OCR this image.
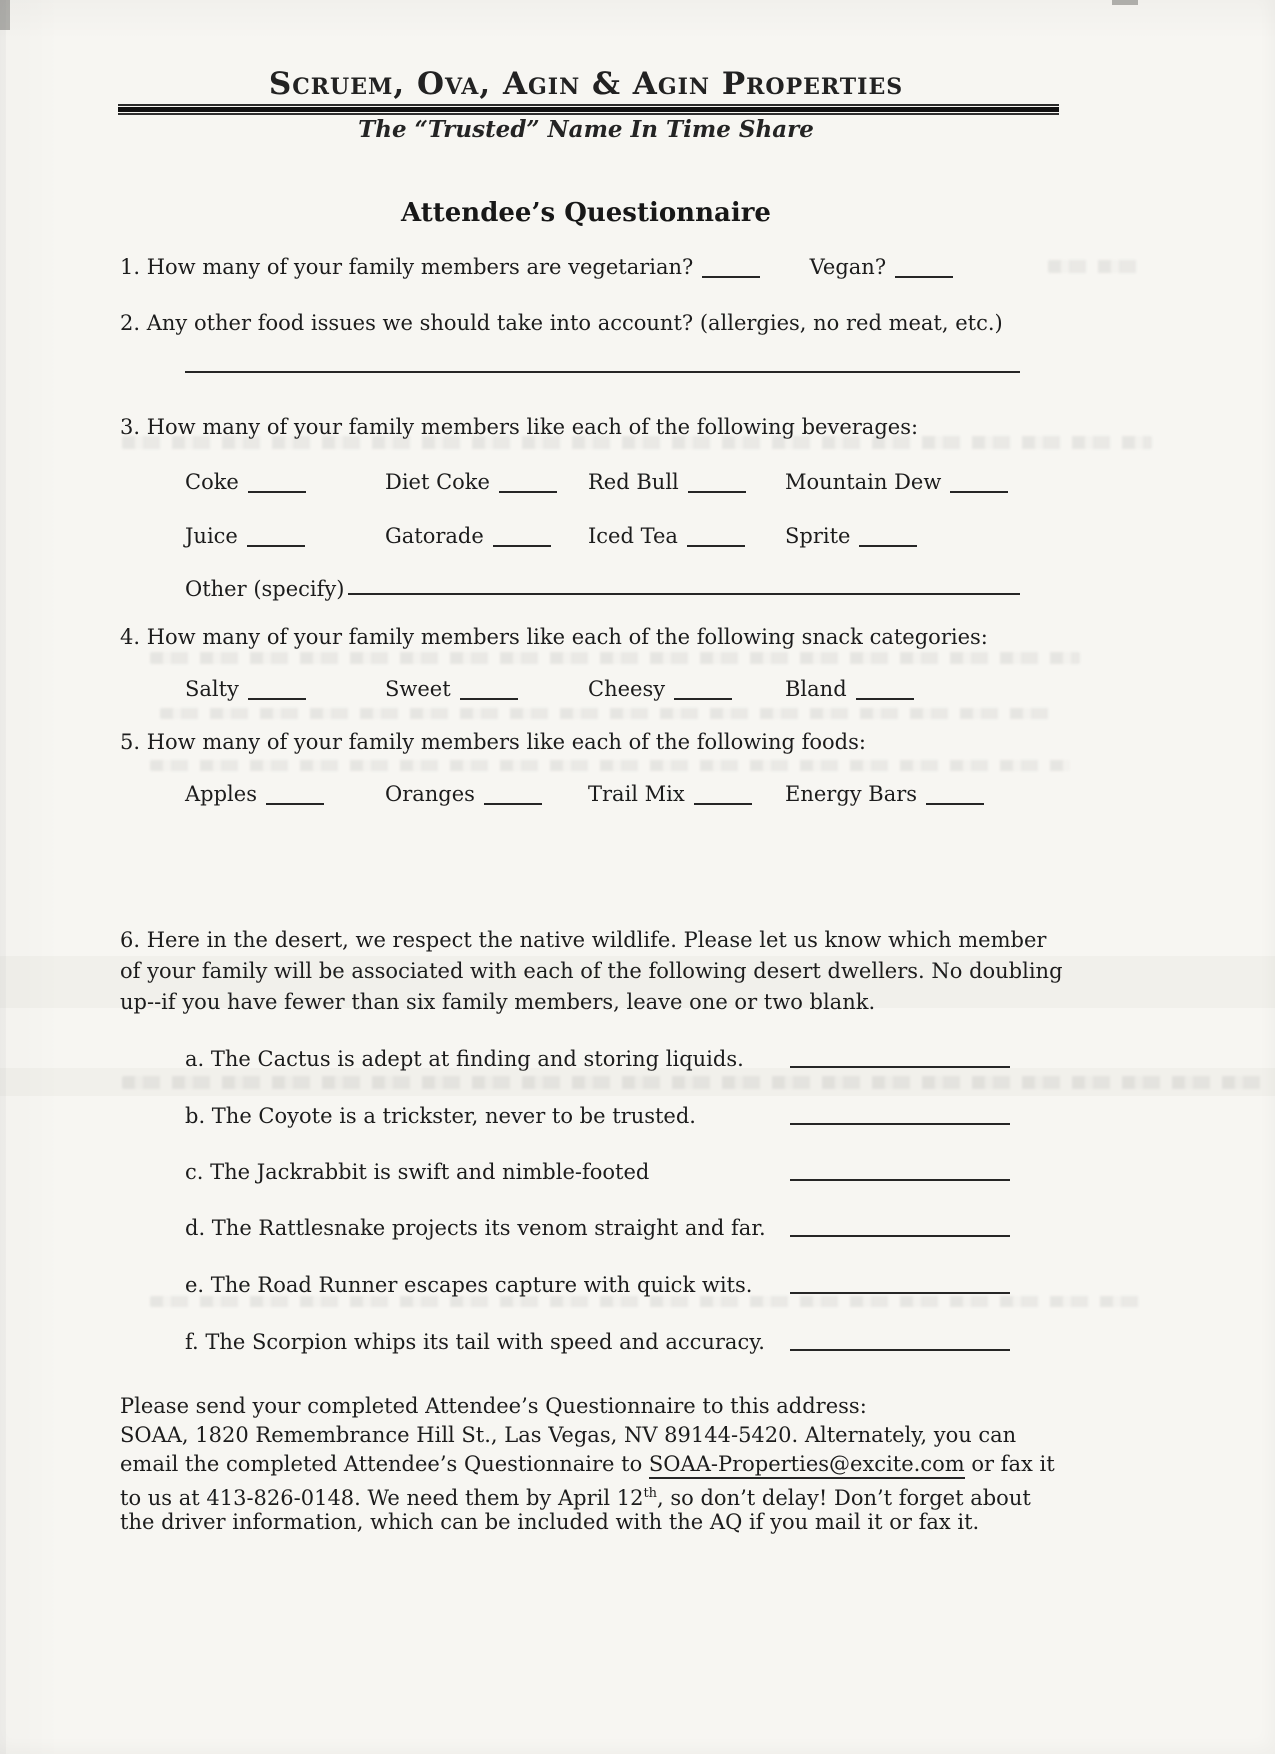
Scruem, Ova, Agin & Agin Properties
The “Trusted” Name In Time Share
Attendee’s Questionnaire
1. How many of your family members are vegetarian?	Vegan?
2. Any other food issues we should take into account? (allergies, no red meat, etc.)
3. How many of your family members like each of the following beverages:
Coke	Diet Coke	Red Bull	Mountain Dew
Juice	Gatorade	Iced Tea	Sprite
Other (specify)
4. How many of your family members like each of the following snack categories:
Salty	Sweet	Cheesy	Bland
5. How many of your family members like each of the following foods:
Apples	Oranges	Trail Mix	Energy Bars
6. Here in the desert, we respect the native wildlife. Please let us know which member
of your family will be associated with each of the following desert dwellers. No doubling
up--if you have fewer than six family members, leave one or two blank.
a. The Cactus is adept at finding and storing liquids.
b. The Coyote is a trickster, never to be trusted.
c. The Jackrabbit is swift and nimble-footed
d. The Rattlesnake projects its venom straight and far.
e. The Road Runner escapes capture with quick wits.
f. The Scorpion whips its tail with speed and accuracy.
Please send your completed Attendee’s Questionnaire to this address:
SOAA, 1820 Remembrance Hill St., Las Vegas, NV 89144-5420. Alternately, you can
email the completed Attendee’s Questionnaire to SOAA-Properties@excite.com or fax it
to us at 413-826-0148. We need them by April 12th, so don’t delay! Don’t forget about
the driver information, which can be included with the AQ if you mail it or fax it.
